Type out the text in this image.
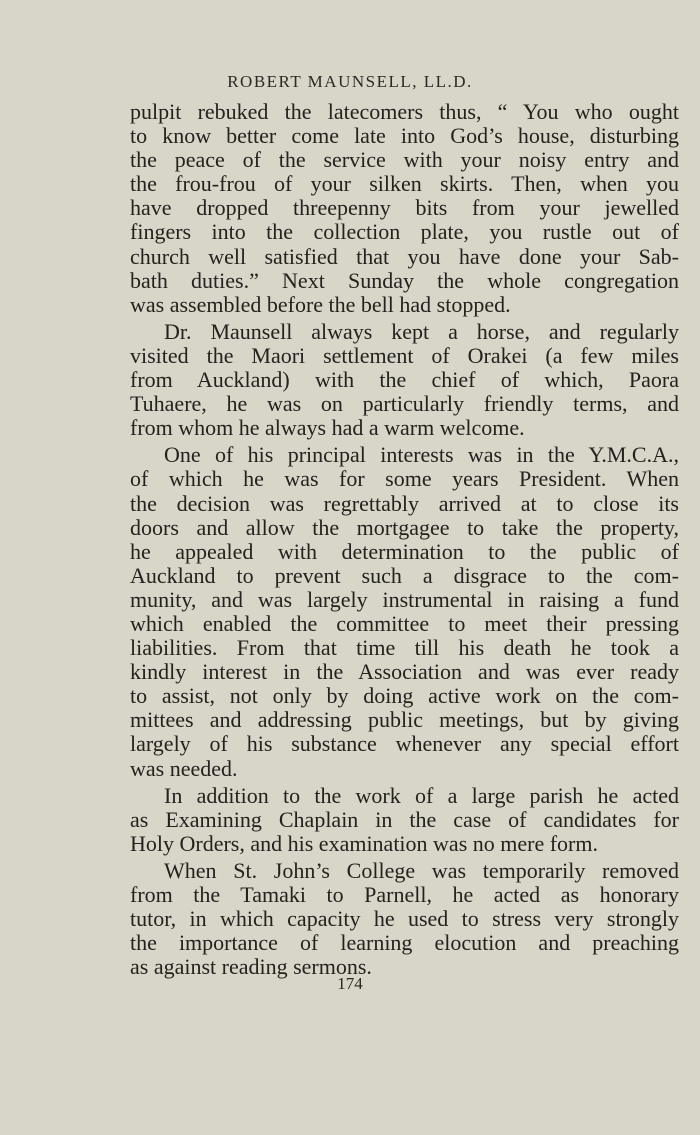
ROBERT MAUNSELL, LL.D.

pulpit rebuked the latecomers thus, “ You who ought
to know better come late into God’s house, disturbing
the peace of the service with your noisy entry and
the frou-frou of your silken skirts. Then, when you
have dropped threepenny bits from your jewelled
fingers into the collection plate, you rustle out of
church well satisfied that you have done your Sab-
bath duties.” Next Sunday the whole congregation
was assembled before the bell had stopped.

Dr. Maunsell always kept a horse, and regularly
visited the Maori settlement of Orakei (a few miles
from Auckland) with the chief of which, Paora
Tuhaere, he was on particularly friendly terms, and
from whom he always had a warm welcome.

One of his principal interests was in the Y.M.C.A.,
of which he was for some years President. When
the decision was regrettably arrived at to close its
doors and allow the mortgagee to take the property,
he appealed with determination to the public of
Auckland to prevent such a disgrace to the com-
munity, and was largely instrumental in raising a fund
which enabled the committee to meet their pressing
liabilities. From that time till his death he took a
kindly interest in the Association and was ever ready
to assist, not only by doing active work on the com-
mittees and addressing public meetings, but by giving
largely of his substance whenever any special effort
was needed.

In addition to the work of a large parish he acted
as Examining Chaplain in the case of candidates for
Holy Orders, and his examination was no mere form.

When St. John’s College was temporarily removed
from the Tamaki to Parnell, he acted as honorary
tutor, in which capacity he used to stress very strongly
the importance of learning elocution and preaching
as against reading sermons.

174
